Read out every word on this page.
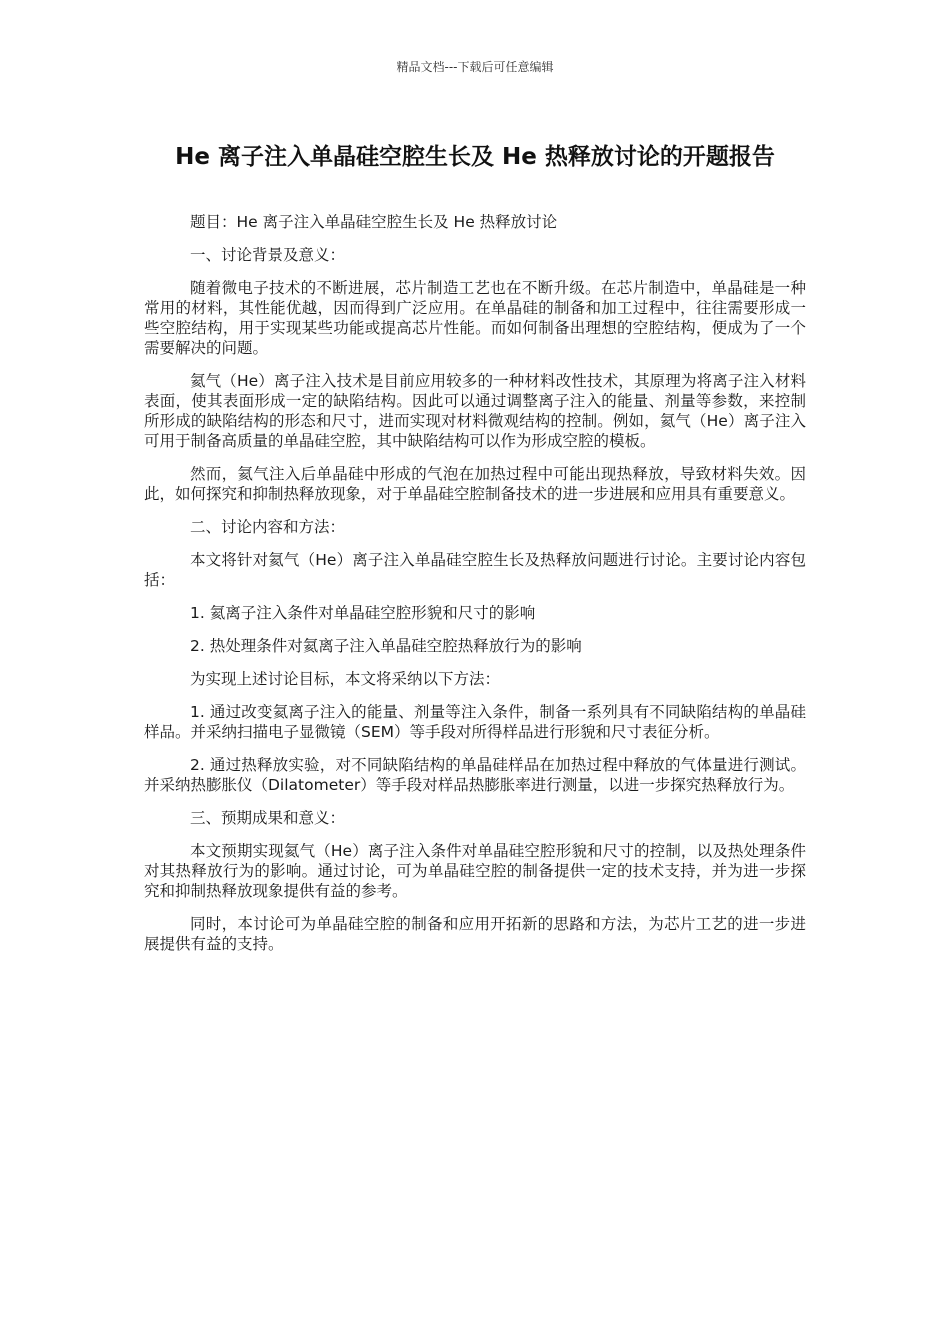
精品文档---下载后可任意编辑
He 离子注入单晶硅空腔生长及 He 热释放讨论的开题报告

题目：He 离子注入单晶硅空腔生长及 He 热释放讨论

一、讨论背景及意义：

随着微电子技术的不断进展，芯片制造工艺也在不断升级。在芯片制造中，单晶硅是一种常用的材料，其性能优越，因而得到广泛应用。在单晶硅的制备和加工过程中，往往需要形成一些空腔结构，用于实现某些功能或提高芯片性能。而如何制备出理想的空腔结构，便成为了一个需要解决的问题。

氦气（He）离子注入技术是目前应用较多的一种材料改性技术，其原理为将离子注入材料表面，使其表面形成一定的缺陷结构。因此可以通过调整离子注入的能量、剂量等参数，来控制所形成的缺陷结构的形态和尺寸，进而实现对材料微观结构的控制。例如，氦气（He）离子注入可用于制备高质量的单晶硅空腔，其中缺陷结构可以作为形成空腔的模板。

然而，氦气注入后单晶硅中形成的气泡在加热过程中可能出现热释放，导致材料失效。因此，如何探究和抑制热释放现象，对于单晶硅空腔制备技术的进一步进展和应用具有重要意义。

二、讨论内容和方法：

本文将针对氦气（He）离子注入单晶硅空腔生长及热释放问题进行讨论。主要讨论内容包括：

1. 氦离子注入条件对单晶硅空腔形貌和尺寸的影响

2. 热处理条件对氦离子注入单晶硅空腔热释放行为的影响

为实现上述讨论目标，本文将采纳以下方法：

1. 通过改变氦离子注入的能量、剂量等注入条件，制备一系列具有不同缺陷结构的单晶硅样品。并采纳扫描电子显微镜（SEM）等手段对所得样品进行形貌和尺寸表征分析。

2. 通过热释放实验，对不同缺陷结构的单晶硅样品在加热过程中释放的气体量进行测试。并采纳热膨胀仪（Dilatometer）等手段对样品热膨胀率进行测量，以进一步探究热释放行为。

三、预期成果和意义：

本文预期实现氦气（He）离子注入条件对单晶硅空腔形貌和尺寸的控制，以及热处理条件对其热释放行为的影响。通过讨论，可为单晶硅空腔的制备提供一定的技术支持，并为进一步探究和抑制热释放现象提供有益的参考。

同时，本讨论可为单晶硅空腔的制备和应用开拓新的思路和方法，为芯片工艺的进一步进展提供有益的支持。
